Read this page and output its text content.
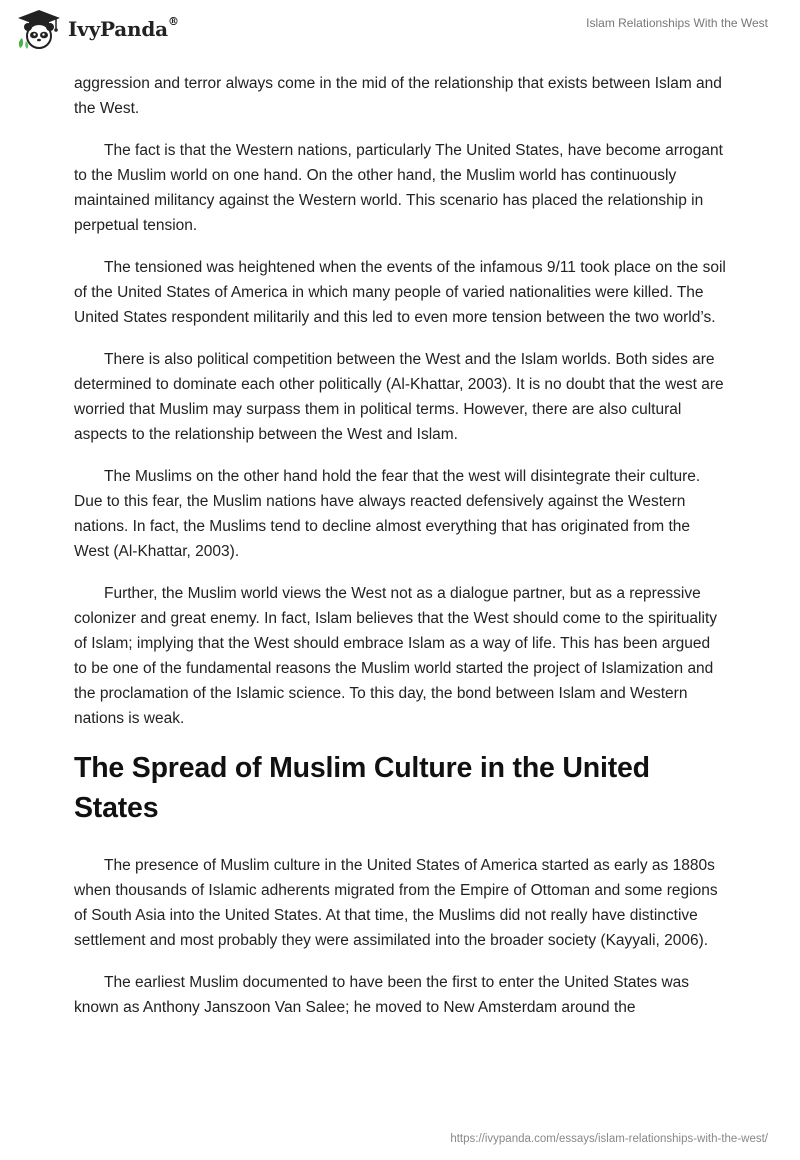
IvyPanda®	Islam Relationships With the West

aggression and terror always come in the mid of the relationship that exists between Islam and the West.

The fact is that the Western nations, particularly The United States, have become arrogant to the Muslim world on one hand. On the other hand, the Muslim world has continuously maintained militancy against the Western world. This scenario has placed the relationship in perpetual tension.

The tensioned was heightened when the events of the infamous 9/11 took place on the soil of the United States of America in which many people of varied nationalities were killed. The United States respondent militarily and this led to even more tension between the two world’s.

There is also political competition between the West and the Islam worlds. Both sides are determined to dominate each other politically (Al-Khattar, 2003). It is no doubt that the west are worried that Muslim may surpass them in political terms. However, there are also cultural aspects to the relationship between the West and Islam.

The Muslims on the other hand hold the fear that the west will disintegrate their culture. Due to this fear, the Muslim nations have always reacted defensively against the Western nations. In fact, the Muslims tend to decline almost everything that has originated from the West (Al-Khattar, 2003).

Further, the Muslim world views the West not as a dialogue partner, but as a repressive colonizer and great enemy. In fact, Islam believes that the West should come to the spirituality of Islam; implying that the West should embrace Islam as a way of life. This has been argued to be one of the fundamental reasons the Muslim world started the project of Islamization and the proclamation of the Islamic science. To this day, the bond between Islam and Western nations is weak.

The Spread of Muslim Culture in the United States

The presence of Muslim culture in the United States of America started as early as 1880s when thousands of Islamic adherents migrated from the Empire of Ottoman and some regions of South Asia into the United States. At that time, the Muslims did not really have distinctive settlement and most probably they were assimilated into the broader society (Kayyali, 2006).

The earliest Muslim documented to have been the first to enter the United States was known as Anthony Janszoon Van Salee; he moved to New Amsterdam around the

https://ivypanda.com/essays/islam-relationships-with-the-west/
